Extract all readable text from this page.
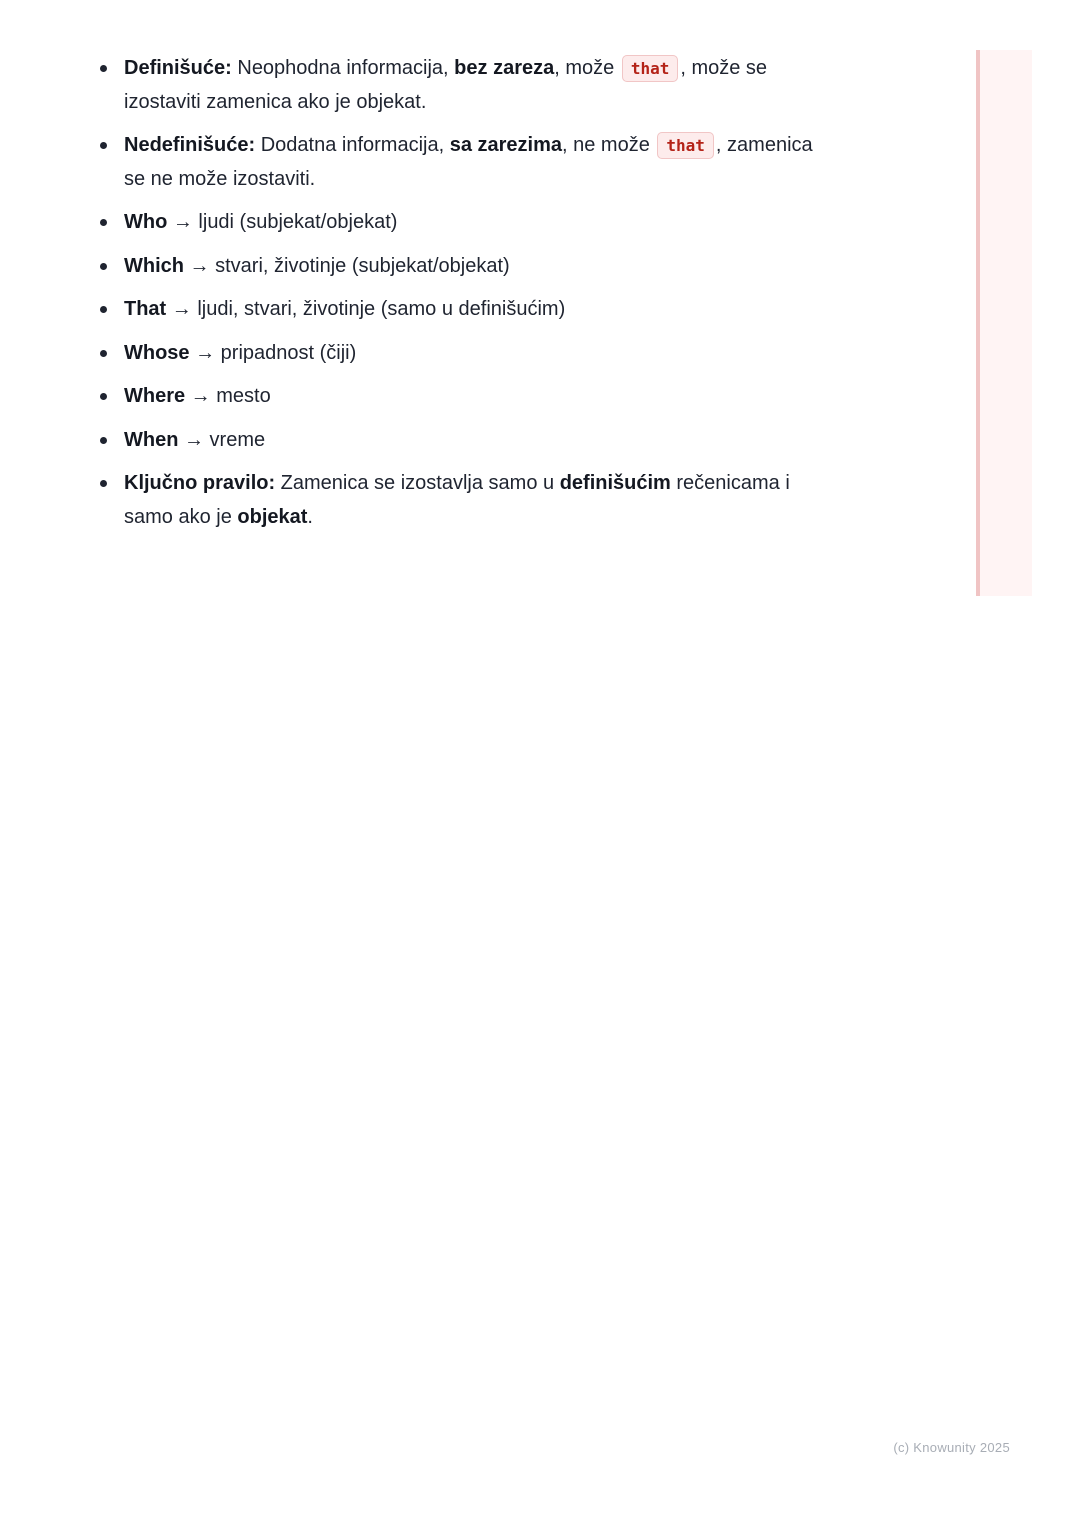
Definišuće: Neophodna informacija, bez zareza, može that , može se izostaviti zamenica ako je objekat.
Nedefinišuće: Dodatna informacija, sa zarezima, ne može that , zamenica se ne može izostaviti.
Who → ljudi (subjekat/objekat)
Which → stvari, životinje (subjekat/objekat)
That → ljudi, stvari, životinje (samo u definišućim)
Whose → pripadnost (čiji)
Where → mesto
When → vreme
Ključno pravilo: Zamenica se izostavlja samo u definišućim rečenicama i samo ako je objekat.
(c) Knowunity 2025
